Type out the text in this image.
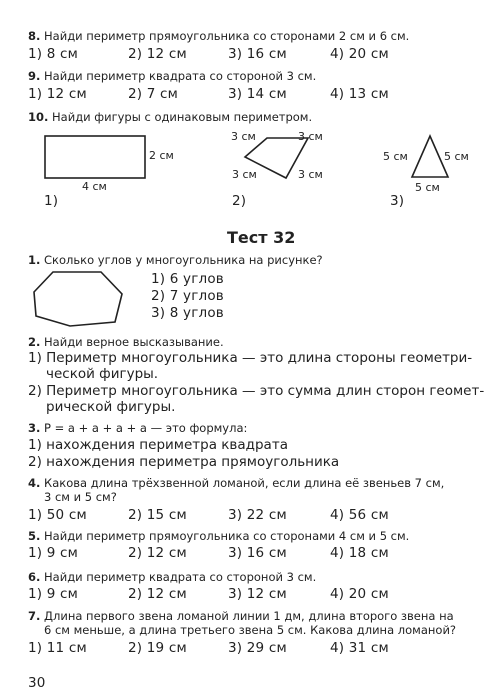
8. Найди периметр прямоугольника со сторонами 2 см и 6 см.
1) 8 см	2) 12 см	3) 16 см	4) 20 см
9. Найди периметр квадрата со стороной 3 см.
1) 12 см	2) 7 см	3) 14 см	4) 13 см
10. Найди фигуры с одинаковым периметром.
2 см
4 см
1)
3 см	3 см
3 см	3 см
2)
5 см	5 см
5 см
3)
Тест 32
1. Сколько углов у многоугольника на рисунке?
1) 6 углов
2) 7 углов
3) 8 углов
2. Найди верное высказывание.
1) Периметр многоугольника — это длина стороны геометри-
ческой фигуры.
2) Периметр многоугольника — это сумма длин сторон геомет-
рической фигуры.
3. P = a + a + a + a — это формула:
1) нахождения периметра квадрата
2) нахождения периметра прямоугольника
4. Какова длина трёхзвенной ломаной, если длина её звеньев 7 см,
3 см и 5 см?
1) 50 см	2) 15 см	3) 22 см	4) 56 см
5. Найди периметр прямоугольника со сторонами 4 см и 5 см.
1) 9 см	2) 12 см	3) 16 см	4) 18 см
6. Найди периметр квадрата со стороной 3 см.
1) 9 см	2) 12 см	3) 12 см	4) 20 см
7. Длина первого звена ломаной линии 1 дм, длина второго звена на
6 см меньше, а длина третьего звена 5 см. Какова длина ломаной?
1) 11 см	2) 19 см	3) 29 см	4) 31 см
30
